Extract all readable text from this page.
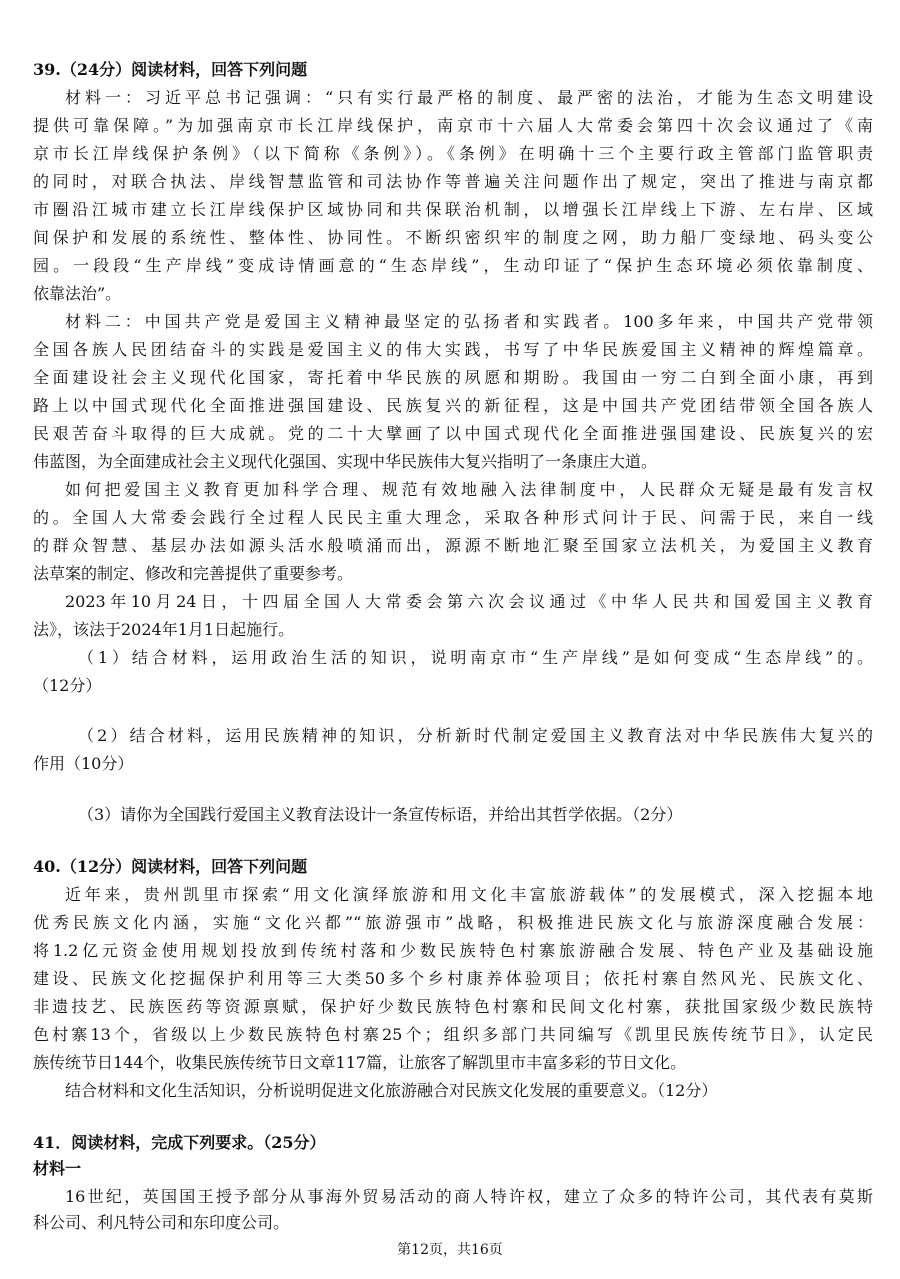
39.（24分）阅读材料，回答下列问题
材料一：习近平总书记强调：“只有实行最严格的制度、最严密的法治，才能为生态文明建设
提供可靠保障。”为加强南京市长江岸线保护，南京市十六届人大常委会第四十次会议通过了《南
京市长江岸线保护条例》（以下简称《条例》）。《条例》在明确十三个主要行政主管部门监管职责
的同时，对联合执法、岸线智慧监管和司法协作等普遍关注问题作出了规定，突出了推进与南京都
市圈沿江城市建立长江岸线保护区域协同和共保联治机制，以增强长江岸线上下游、左右岸、区域
间保护和发展的系统性、整体性、协同性。不断织密织牢的制度之网，助力船厂变绿地、码头变公
园。一段段“生产岸线”变成诗情画意的“生态岸线”，生动印证了“保护生态环境必须依靠制度、
依靠法治”。
材料二：中国共产党是爱国主义精神最坚定的弘扬者和实践者。100多年来，中国共产党带领
全国各族人民团结奋斗的实践是爱国主义的伟大实践，书写了中华民族爱国主义精神的辉煌篇章。
全面建设社会主义现代化国家，寄托着中华民族的夙愿和期盼。我国由一穷二白到全面小康，再到
路上以中国式现代化全面推进强国建设、民族复兴的新征程，这是中国共产党团结带领全国各族人
民艰苦奋斗取得的巨大成就。党的二十大擘画了以中国式现代化全面推进强国建设、民族复兴的宏
伟蓝图，为全面建成社会主义现代化强国、实现中华民族伟大复兴指明了一条康庄大道。
如何把爱国主义教育更加科学合理、规范有效地融入法律制度中，人民群众无疑是最有发言权
的。全国人大常委会践行全过程人民民主重大理念，采取各种形式问计于民、问需于民，来自一线
的群众智慧、基层办法如源头活水般喷涌而出，源源不断地汇聚至国家立法机关，为爱国主义教育
法草案的制定、修改和完善提供了重要参考。
2023年10月24日，十四届全国人大常委会第六次会议通过《中华人民共和国爱国主义教育
法》，该法于2024年1月1日起施行。
（1）结合材料，运用政治生活的知识，说明南京市“生产岸线”是如何变成“生态岸线”的。
（12分）
（2）结合材料，运用民族精神的知识，分析新时代制定爱国主义教育法对中华民族伟大复兴的
作用（10分）
（3）请你为全国践行爱国主义教育法设计一条宣传标语，并给出其哲学依据。（2分）
40.（12分）阅读材料，回答下列问题
近年来，贵州凯里市探索“用文化演绎旅游和用文化丰富旅游载体”的发展模式，深入挖掘本地
优秀民族文化内涵，实施“文化兴都”“旅游强市”战略，积极推进民族文化与旅游深度融合发展：
将1.2亿元资金使用规划投放到传统村落和少数民族特色村寨旅游融合发展、特色产业及基础设施
建设、民族文化挖掘保护利用等三大类50多个乡村康养体验项目；依托村寨自然风光、民族文化、
非遗技艺、民族医药等资源禀赋，保护好少数民族特色村寨和民间文化村寨，获批国家级少数民族特
色村寨13个，省级以上少数民族特色村寨25个；组织多部门共同编写《凯里民族传统节日》，认定民
族传统节日144个，收集民族传统节日文章117篇，让旅客了解凯里市丰富多彩的节日文化。
结合材料和文化生活知识，分析说明促进文化旅游融合对民族文化发展的重要意义。（12分）
41．阅读材料，完成下列要求。（25分）
材料一
16世纪，英国国王授予部分从事海外贸易活动的商人特许权，建立了众多的特许公司，其代表有莫斯
科公司、利凡特公司和东印度公司。
第12页，共16页
